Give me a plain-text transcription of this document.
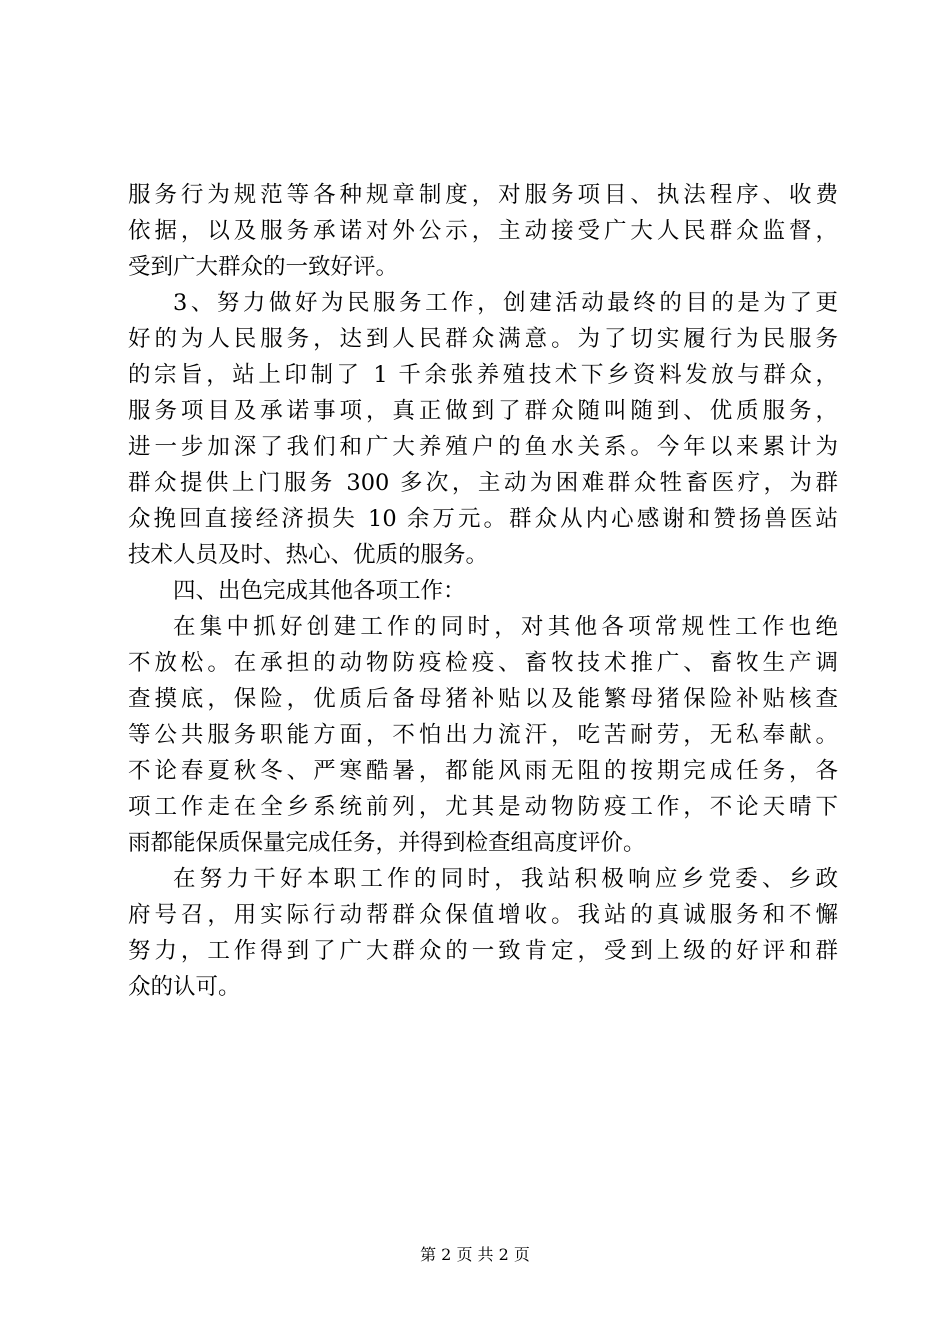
服务行为规范等各种规章制度，对服务项目、执法程序、收费
依据，以及服务承诺对外公示，主动接受广大人民群众监督，
受到广大群众的一致好评。
3、努力做好为民服务工作，创建活动最终的目的是为了更
好的为人民服务，达到人民群众满意。为了切实履行为民服务
的宗旨，站上印制了 1 千余张养殖技术下乡资料发放与群众，
服务项目及承诺事项，真正做到了群众随叫随到、优质服务，
进一步加深了我们和广大养殖户的鱼水关系。今年以来累计为
群众提供上门服务 300 多次，主动为困难群众牲畜医疗，为群
众挽回直接经济损失 10 余万元。群众从内心感谢和赞扬兽医站
技术人员及时、热心、优质的服务。
四、出色完成其他各项工作：
在集中抓好创建工作的同时，对其他各项常规性工作也绝
不放松。在承担的动物防疫检疫、畜牧技术推广、畜牧生产调
查摸底，保险，优质后备母猪补贴以及能繁母猪保险补贴核查
等公共服务职能方面，不怕出力流汗，吃苦耐劳，无私奉献。
不论春夏秋冬、严寒酷暑，都能风雨无阻的按期完成任务，各
项工作走在全乡系统前列，尤其是动物防疫工作，不论天晴下
雨都能保质保量完成任务，并得到检查组高度评价。
在努力干好本职工作的同时，我站积极响应乡党委、乡政
府号召，用实际行动帮群众保值增收。我站的真诚服务和不懈
努力，工作得到了广大群众的一致肯定，受到上级的好评和群
众的认可。
第 2 页 共 2 页
